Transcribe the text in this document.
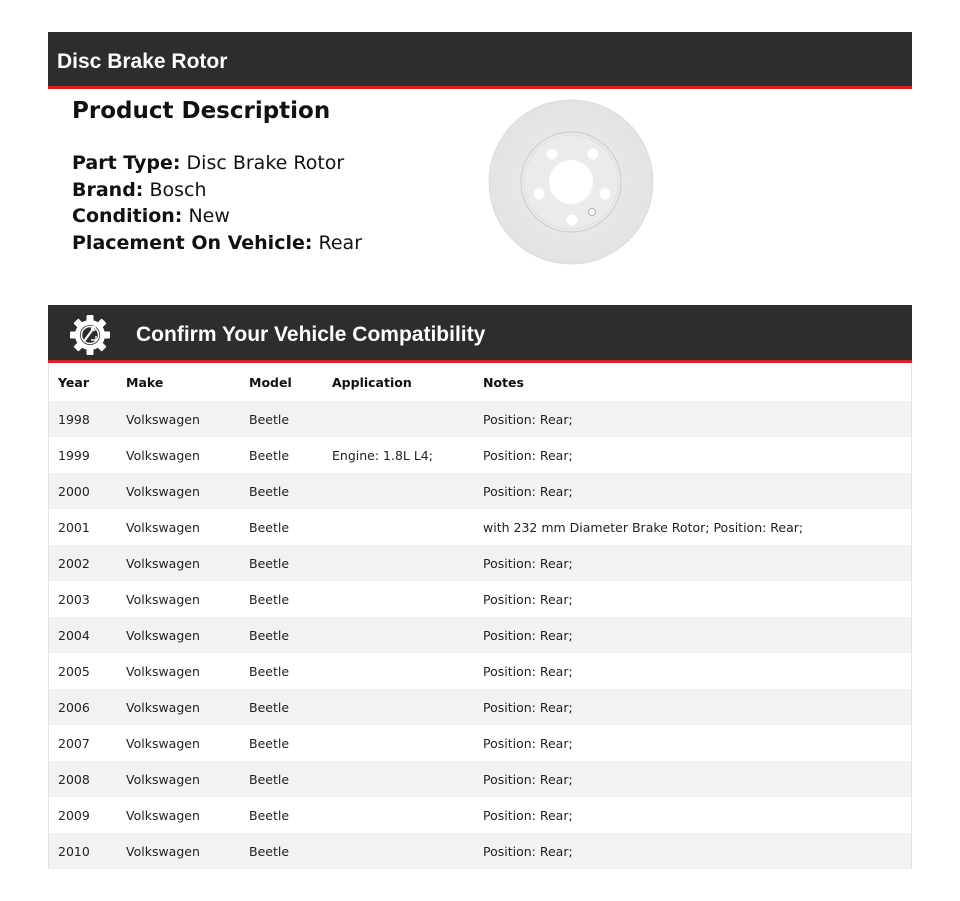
Disc Brake Rotor
Product Description
Part Type: Disc Brake Rotor
Brand: Bosch
Condition: New
Placement On Vehicle: Rear
Confirm Your Vehicle Compatibility
Year	Make	Model	Application	Notes
1998	Volkswagen	Beetle		Position: Rear;
1999	Volkswagen	Beetle	Engine: 1.8L L4;	Position: Rear;
2000	Volkswagen	Beetle		Position: Rear;
2001	Volkswagen	Beetle		with 232 mm Diameter Brake Rotor; Position: Rear;
2002	Volkswagen	Beetle		Position: Rear;
2003	Volkswagen	Beetle		Position: Rear;
2004	Volkswagen	Beetle		Position: Rear;
2005	Volkswagen	Beetle		Position: Rear;
2006	Volkswagen	Beetle		Position: Rear;
2007	Volkswagen	Beetle		Position: Rear;
2008	Volkswagen	Beetle		Position: Rear;
2009	Volkswagen	Beetle		Position: Rear;
2010	Volkswagen	Beetle		Position: Rear;
